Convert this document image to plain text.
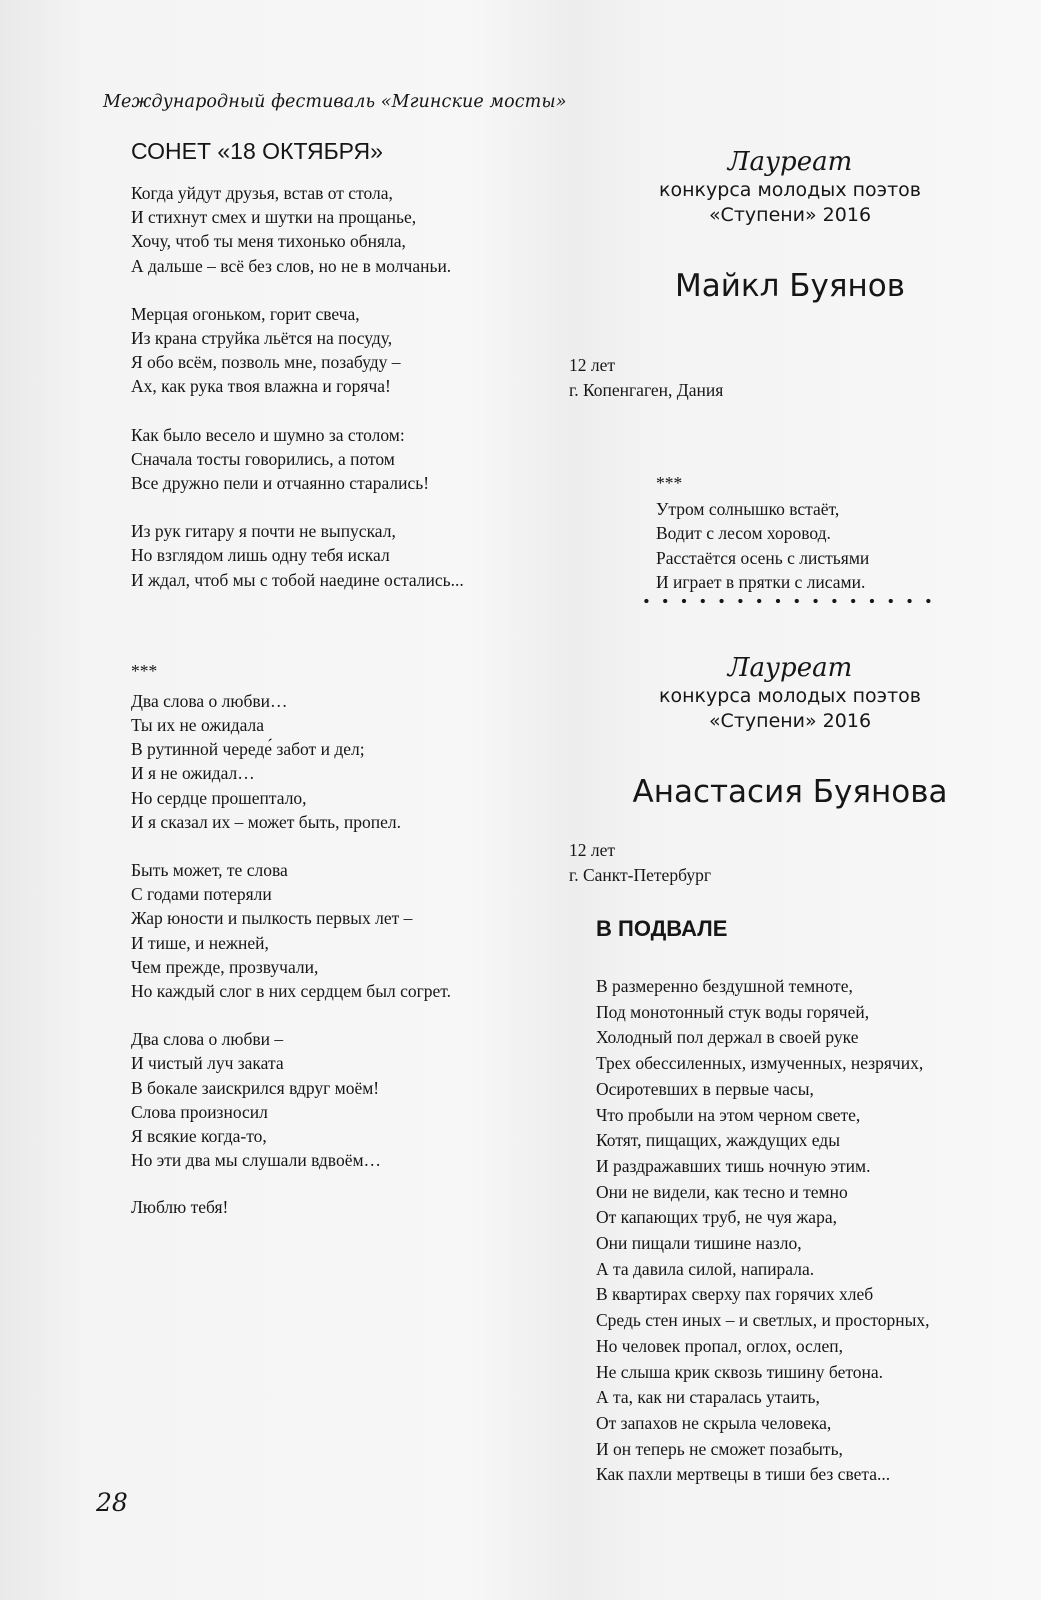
Международный фестиваль «Мгинские мосты»
СОНЕТ «18 ОКТЯБРЯ»
Когда уйдут друзья, встав от стола,
И стихнут смех и шутки на прощанье,
Хочу, чтоб ты меня тихонько обняла,
А дальше – всё без слов, но не в молчаньи.
Мерцая огоньком, горит свеча,
Из крана струйка льётся на посуду,
Я обо всём, позволь мне, позабуду –
Ах, как рука твоя влажна и горяча!
Как было весело и шумно за столом:
Сначала тосты говорились, а потом
Все дружно пели и отчаянно старались!
Из рук гитару я почти не выпускал,
Но взглядом лишь одну тебя искал
И ждал, чтоб мы с тобой наедине остались...
***
Два слова о любви…
Ты их не ожидала
В рутинной череде́ забот и дел;
И я не ожидал…
Но сердце прошептало,
И я сказал их – может быть, пропел.
Быть может, те слова
С годами потеряли
Жар юности и пылкость первых лет –
И тише, и нежней,
Чем прежде, прозвучали,
Но каждый слог в них сердцем был согрет.
Два слова о любви –
И чистый луч заката
В бокале заискрился вдруг моём!
Слова произносил
Я всякие когда-то,
Но эти два мы слушали вдвоём…
Люблю тебя!
Лауреат
конкурса молодых поэтов
«Ступени» 2016
Майкл Буянов
12 лет
г. Копенгаген, Дания
***
Утром солнышко встаёт,
Водит с лесом хоровод.
Расстаётся осень с листьями
И играет в прятки с лисами.
Лауреат
конкурса молодых поэтов
«Ступени» 2016
Анастасия Буянова
12 лет
г. Санкт-Петербург
В ПОДВАЛЕ
В размеренно бездушной темноте,
Под монотонный стук воды горячей,
Холодный пол держал в своей руке
Трех обессиленных, измученных, незрячих,
Осиротевших в первые часы,
Что пробыли на этом черном свете,
Котят, пищащих, жаждущих еды
И раздражавших тишь ночную этим.
Они не видели, как тесно и темно
От капающих труб, не чуя жара,
Они пищали тишине назло,
А та давила силой, напирала.
В квартирах сверху пах горячих хлеб
Средь стен иных – и светлых, и просторных,
Но человек пропал, оглох, ослеп,
Не слыша крик сквозь тишину бетона.
А та, как ни старалась утаить,
От запахов не скрыла человека,
И он теперь не сможет позабыть,
Как пахли мертвецы в тиши без света...
28
